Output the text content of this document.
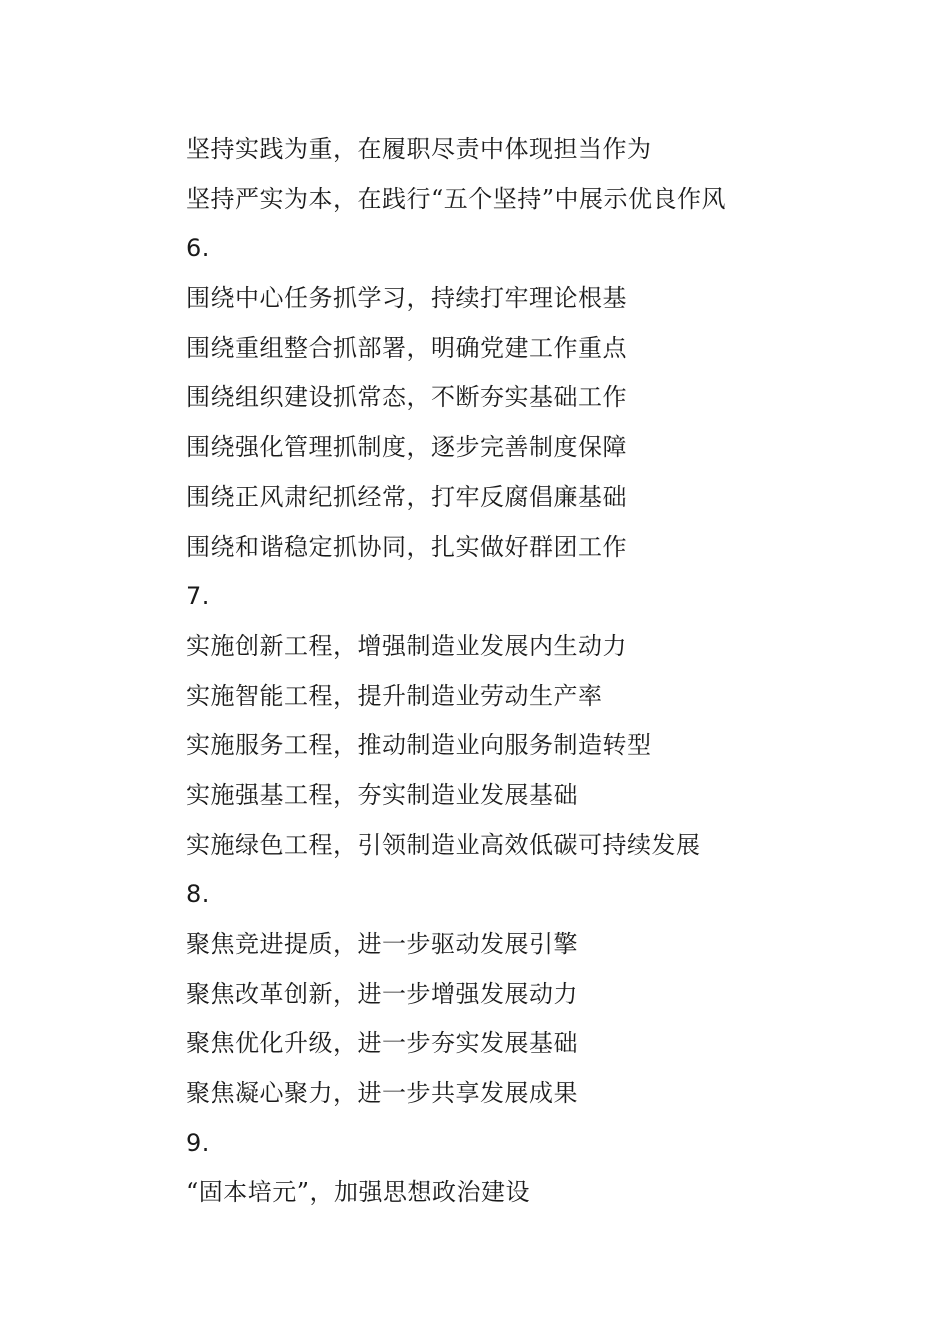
坚持实践为重，在履职尽责中体现担当作为
坚持严实为本，在践行“五个坚持”中展示优良作风
6.
围绕中心任务抓学习，持续打牢理论根基
围绕重组整合抓部署，明确党建工作重点
围绕组织建设抓常态，不断夯实基础工作
围绕强化管理抓制度，逐步完善制度保障
围绕正风肃纪抓经常，打牢反腐倡廉基础
围绕和谐稳定抓协同，扎实做好群团工作
7.
实施创新工程，增强制造业发展内生动力
实施智能工程，提升制造业劳动生产率
实施服务工程，推动制造业向服务制造转型
实施强基工程，夯实制造业发展基础
实施绿色工程，引领制造业高效低碳可持续发展
8.
聚焦竞进提质，进一步驱动发展引擎
聚焦改革创新，进一步增强发展动力
聚焦优化升级，进一步夯实发展基础
聚焦凝心聚力，进一步共享发展成果
9.
“固本培元”，加强思想政治建设
